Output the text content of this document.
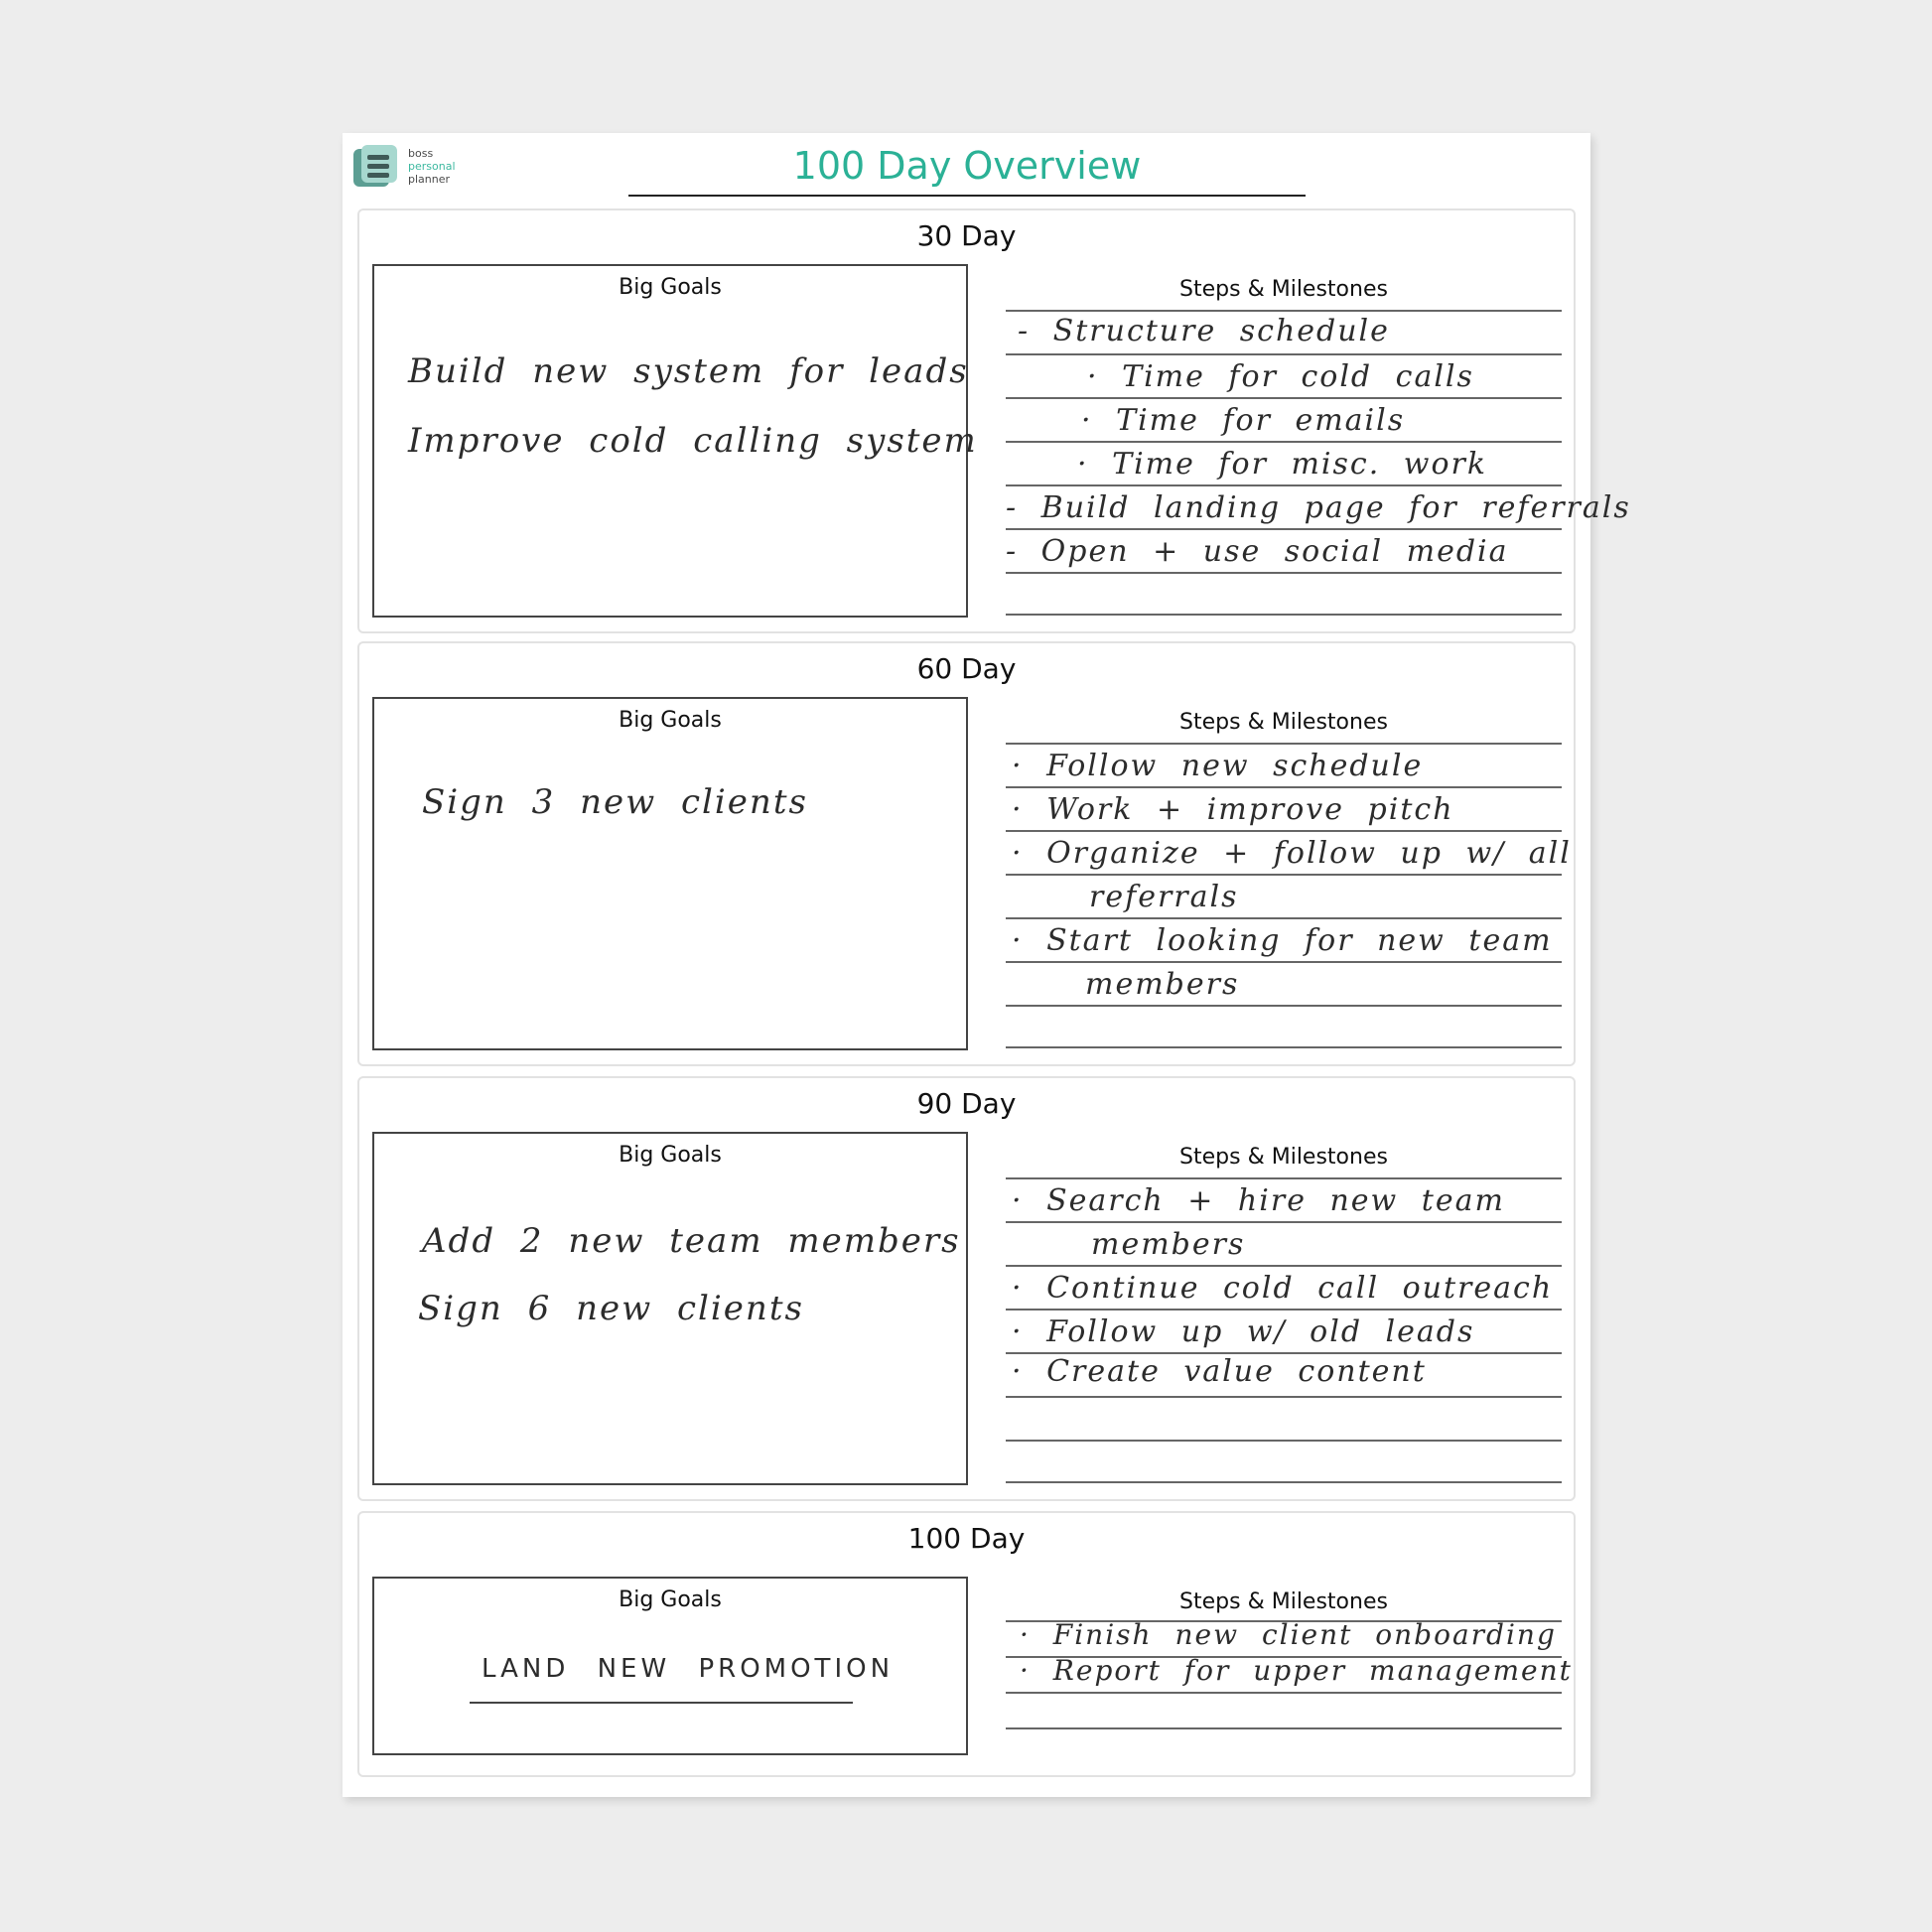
boss
personal
planner	100 Day Overview
30 Day
Big Goals
Build new system for leads
Improve cold calling system
Steps & Milestones
- Structure schedule
· Time for cold calls
· Time for emails
· Time for misc. work
- Build landing page for referrals
- Open + use social media
60 Day
Big Goals
Sign 3 new clients
Steps & Milestones
· Follow new schedule
· Work + improve pitch
· Organize + follow up w/ all
referrals
· Start looking for new team
members
90 Day
Big Goals
Add 2 new team members
Sign 6 new clients
Steps & Milestones
· Search + hire new team
members
· Continue cold call outreach
· Follow up w/ old leads
· Create value content
100 Day
Big Goals
LAND NEW PROMOTION
Steps & Milestones
· Finish new client onboarding
· Report for upper management
